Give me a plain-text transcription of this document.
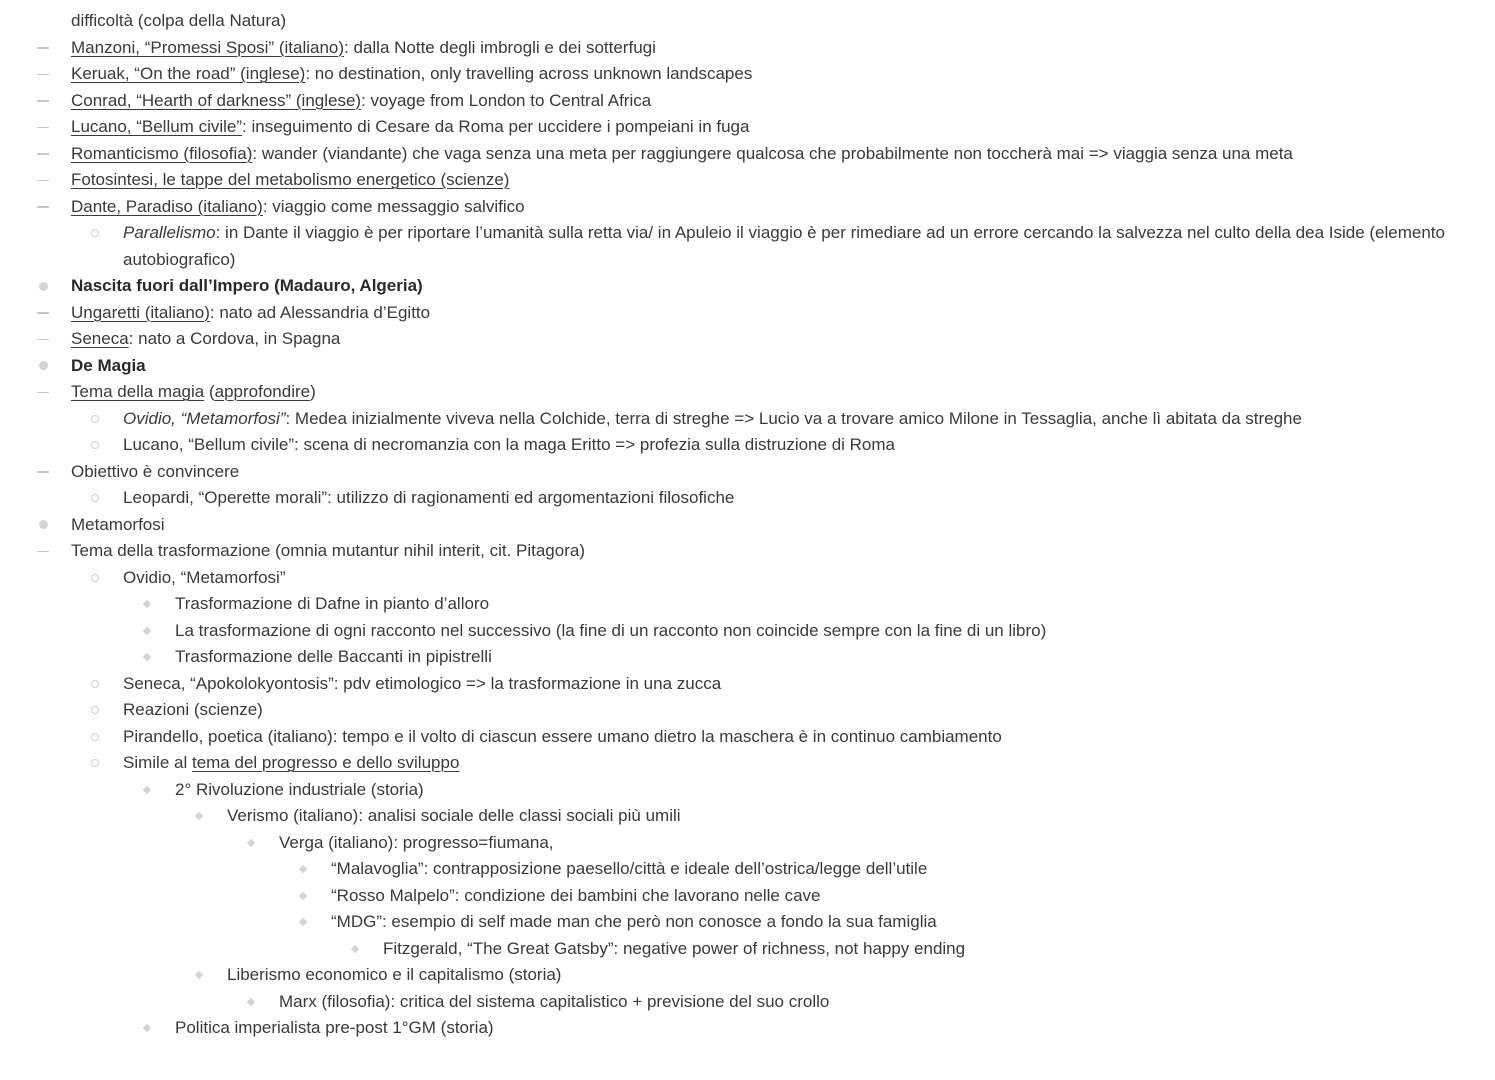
difficoltà (colpa della Natura)
Manzoni, “Promessi Sposi” (italiano): dalla Notte degli imbrogli e dei sotterfugi
Keruak, “On the road” (inglese): no destination, only travelling across unknown landscapes
Conrad, “Hearth of darkness” (inglese): voyage from London to Central Africa
Lucano, “Bellum civile”: inseguimento di Cesare da Roma per uccidere i pompeiani in fuga
Romanticismo (filosofia): wander (viandante) che vaga senza una meta per raggiungere qualcosa che probabilmente non toccherà mai => viaggia senza una meta
Fotosintesi, le tappe del metabolismo energetico (scienze)
Dante, Paradiso (italiano): viaggio come messaggio salvifico
Parallelismo: in Dante il viaggio è per riportare l’umanità sulla retta via/ in Apuleio il viaggio è per rimediare ad un errore cercando la salvezza nel culto della dea Iside (elemento autobiografico)
Nascita fuori dall’Impero (Madauro, Algeria)
Ungaretti (italiano): nato ad Alessandria d’Egitto
Seneca: nato a Cordova, in Spagna
De Magia
Tema della magia (approfondire)
Ovidio, “Metamorfosi”: Medea inizialmente viveva nella Colchide, terra di streghe => Lucio va a trovare amico Milone in Tessaglia, anche lì abitata da streghe
Lucano, “Bellum civile”: scena di necromanzia con la maga Eritto => profezia sulla distruzione di Roma
Obiettivo è convincere
Leopardi, “Operette morali”: utilizzo di ragionamenti ed argomentazioni filosofiche
Metamorfosi
Tema della trasformazione (omnia mutantur nihil interit, cit. Pitagora)
Ovidio, “Metamorfosi”
Trasformazione di Dafne in pianto d’alloro
La trasformazione di ogni racconto nel successivo (la fine di un racconto non coincide sempre con la fine di un libro)
Trasformazione delle Baccanti in pipistrelli
Seneca, “Apokolokyontosis”: pdv etimologico => la trasformazione in una zucca
Reazioni (scienze)
Pirandello, poetica (italiano): tempo e il volto di ciascun essere umano dietro la maschera è in continuo cambiamento
Simile al tema del progresso e dello sviluppo
2° Rivoluzione industriale (storia)
Verismo (italiano): analisi sociale delle classi sociali più umili
Verga (italiano): progresso=fiumana,
“Malavoglia”: contrapposizione paesello/città e ideale dell’ostrica/legge dell’utile
“Rosso Malpelo”: condizione dei bambini che lavorano nelle cave
“MDG”: esempio di self made man che però non conosce a fondo la sua famiglia
Fitzgerald, “The Great Gatsby”: negative power of richness, not happy ending
Liberismo economico e il capitalismo (storia)
Marx (filosofia): critica del sistema capitalistico + previsione del suo crollo
Politica imperialista pre-post 1°GM (storia)
